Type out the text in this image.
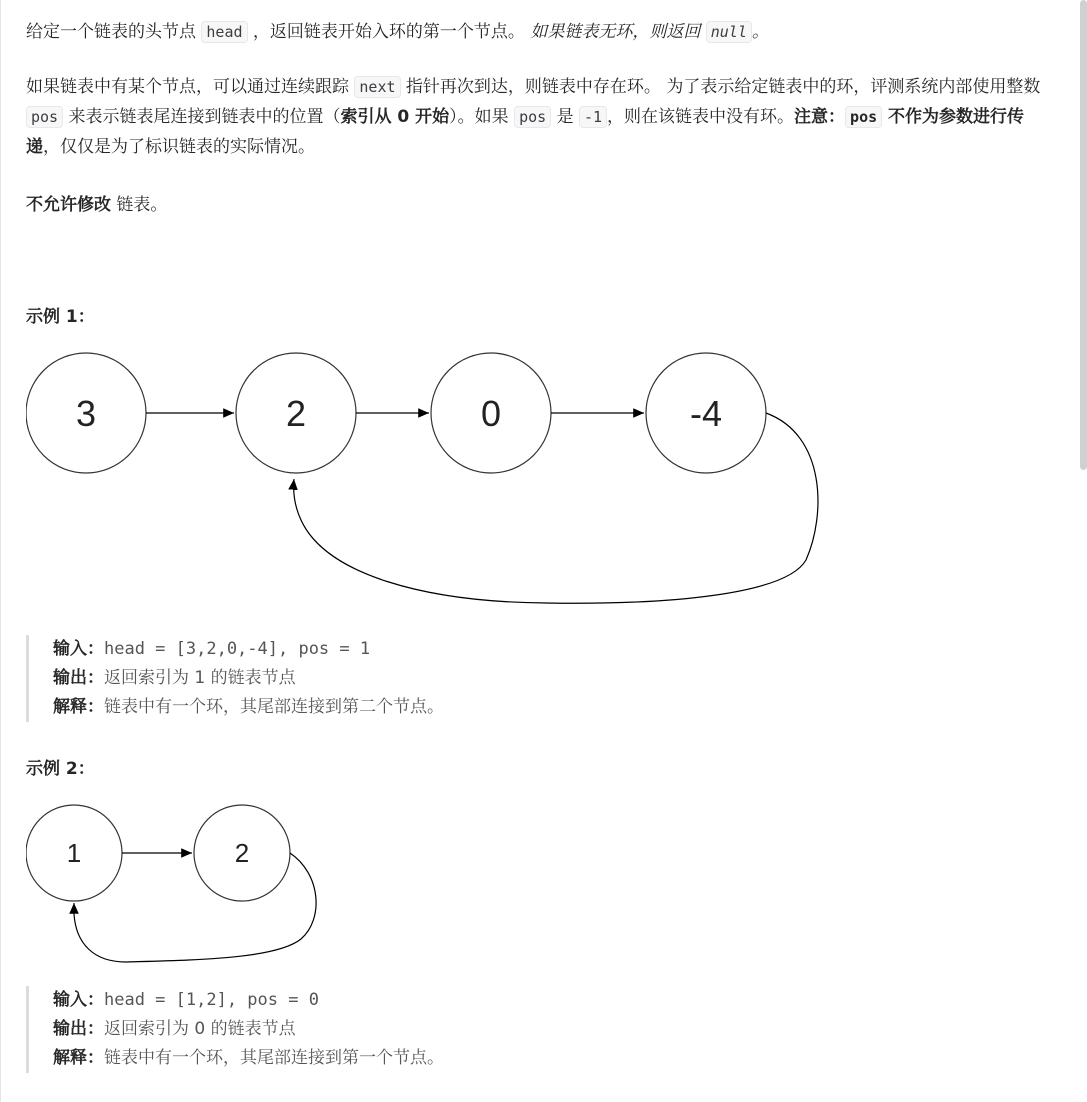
给定一个链表的头节点 head ，返回链表开始入环的第一个节点。 如果链表无环，则返回 null 。

如果链表中有某个节点，可以通过连续跟踪 next 指针再次到达，则链表中存在环。 为了表示给定链表中的环，评测系统内部使用整数 pos 来表示链表尾连接到链表中的位置（索引从 0 开始）。如果 pos 是 -1 ，则在该链表中没有环。注意： pos 不作为参数进行传递，仅仅是为了标识链表的实际情况。

不允许修改 链表。

示例 1：
3	2	0	-4
输入：head = [3,2,0,-4], pos = 1
输出：返回索引为 1 的链表节点
解释：链表中有一个环，其尾部连接到第二个节点。
示例 2：
1	2
输入：head = [1,2], pos = 0
输出：返回索引为 0 的链表节点
解释：链表中有一个环，其尾部连接到第一个节点。
